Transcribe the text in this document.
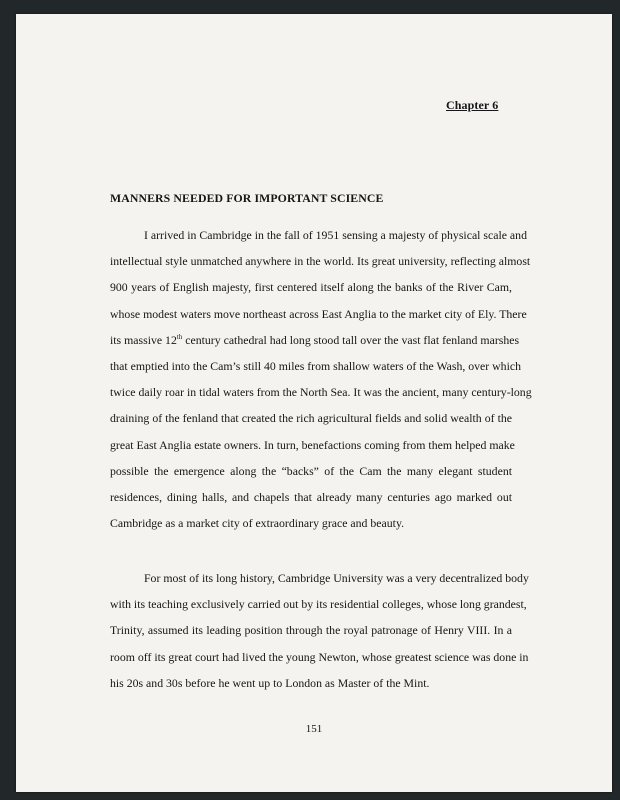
Chapter 6
MANNERS NEEDED FOR IMPORTANT SCIENCE
I arrived in Cambridge in the fall of 1951 sensing a majesty of physical scale and
intellectual style unmatched anywhere in the world. Its great university, reflecting almost
900 years of English majesty, first centered itself along the banks of the River Cam,
whose modest waters move northeast across East Anglia to the market city of Ely. There
its massive 12th century cathedral had long stood tall over the vast flat fenland marshes
that emptied into the Cam’s still 40 miles from shallow waters of the Wash, over which
twice daily roar in tidal waters from the North Sea. It was the ancient, many century-long
draining of the fenland that created the rich agricultural fields and solid wealth of the
great East Anglia estate owners. In turn, benefactions coming from them helped make
possible the emergence along the “backs” of the Cam the many elegant student
residences, dining halls, and chapels that already many centuries ago marked out
Cambridge as a market city of extraordinary grace and beauty.
For most of its long history, Cambridge University was a very decentralized body
with its teaching exclusively carried out by its residential colleges, whose long grandest,
Trinity, assumed its leading position through the royal patronage of Henry VIII. In a
room off its great court had lived the young Newton, whose greatest science was done in
his 20s and 30s before he went up to London as Master of the Mint.
151
